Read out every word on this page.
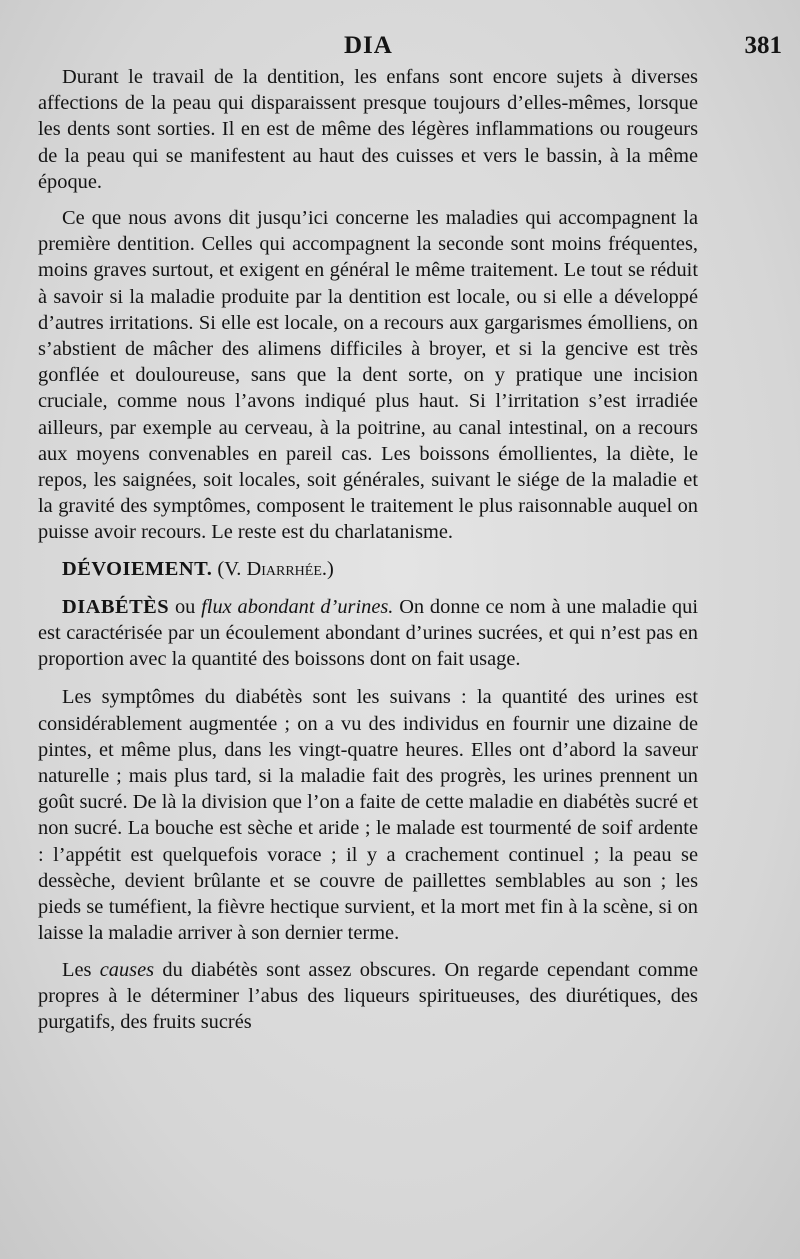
DIA	381

Durant le travail de la dentition, les enfans sont encore sujets à diverses affections de la peau qui disparaissent presque toujours d’elles-mêmes, lorsque les dents sont sorties. Il en est de même des légères inflammations ou rougeurs de la peau qui se manifestent au haut des cuisses et vers le bassin, à la même époque.

Ce que nous avons dit jusqu’ici concerne les maladies qui accompagnent la première dentition. Celles qui accompagnent la seconde sont moins fréquentes, moins graves surtout, et exigent en général le même traitement. Le tout se réduit à savoir si la maladie produite par la dentition est locale, ou si elle a développé d’autres irritations. Si elle est locale, on a recours aux gargarismes émolliens, on s’abstient de mâcher des alimens difficiles à broyer, et si la gencive est très gonflée et douloureuse, sans que la dent sorte, on y pratique une incision cruciale, comme nous l’avons indiqué plus haut. Si l’irritation s’est irradiée ailleurs, par exemple au cerveau, à la poitrine, au canal intestinal, on a recours aux moyens convenables en pareil cas. Les boissons émollientes, la diète, le repos, les saignées, soit locales, soit générales, suivant le siége de la maladie et la gravité des symptômes, composent le traitement le plus raisonnable auquel on puisse avoir recours. Le reste est du charlatanisme.

DÉVOIEMENT. (V. Diarrhée.)

DIABÉTÈS ou flux abondant d’urines. On donne ce nom à une maladie qui est caractérisée par un écoulement abondant d’urines sucrées, et qui n’est pas en proportion avec la quantité des boissons dont on fait usage.

Les symptômes du diabétès sont les suivans : la quantité des urines est considérablement augmentée ; on a vu des individus en fournir une dizaine de pintes, et même plus, dans les vingt-quatre heures. Elles ont d’abord la saveur naturelle ; mais plus tard, si la maladie fait des progrès, les urines prennent un goût sucré. De là la division que l’on a faite de cette maladie en diabétès sucré et non sucré. La bouche est sèche et aride ; le malade est tourmenté de soif ardente : l’appétit est quelquefois vorace ; il y a crachement continuel ; la peau se dessèche, devient brûlante et se couvre de paillettes semblables au son ; les pieds se tuméfient, la fièvre hectique survient, et la mort met fin à la scène, si on laisse la maladie arriver à son dernier terme.

Les causes du diabétès sont assez obscures. On regarde cependant comme propres à le déterminer l’abus des liqueurs spiritueuses, des diurétiques, des purgatifs, des fruits sucrés
